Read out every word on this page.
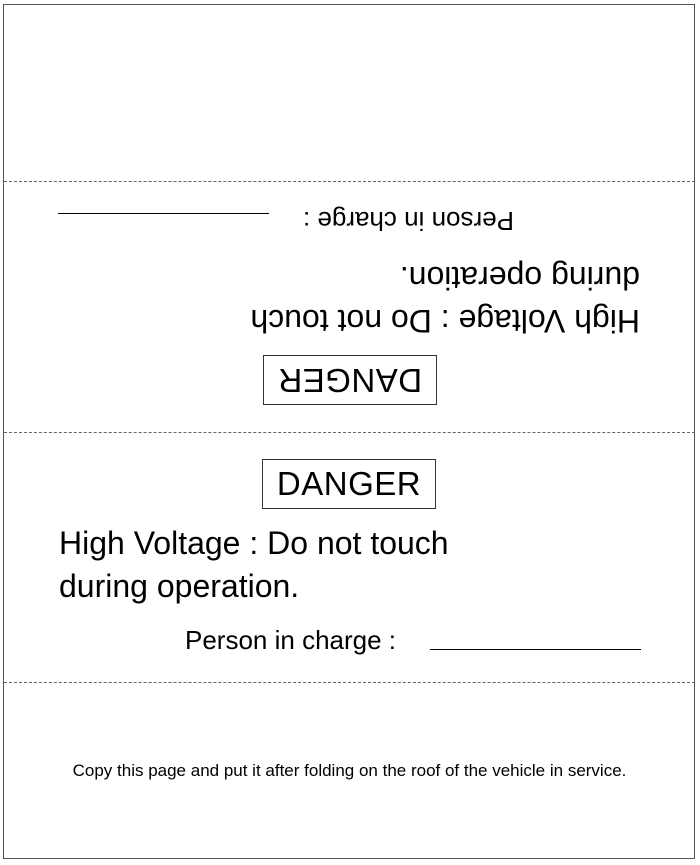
DANGER
High Voltage : Do not touch
during operation.
Person in charge :
DANGER
High Voltage : Do not touch
during operation.
Person in charge :
Copy this page and put it after folding on the roof of the vehicle in service.
